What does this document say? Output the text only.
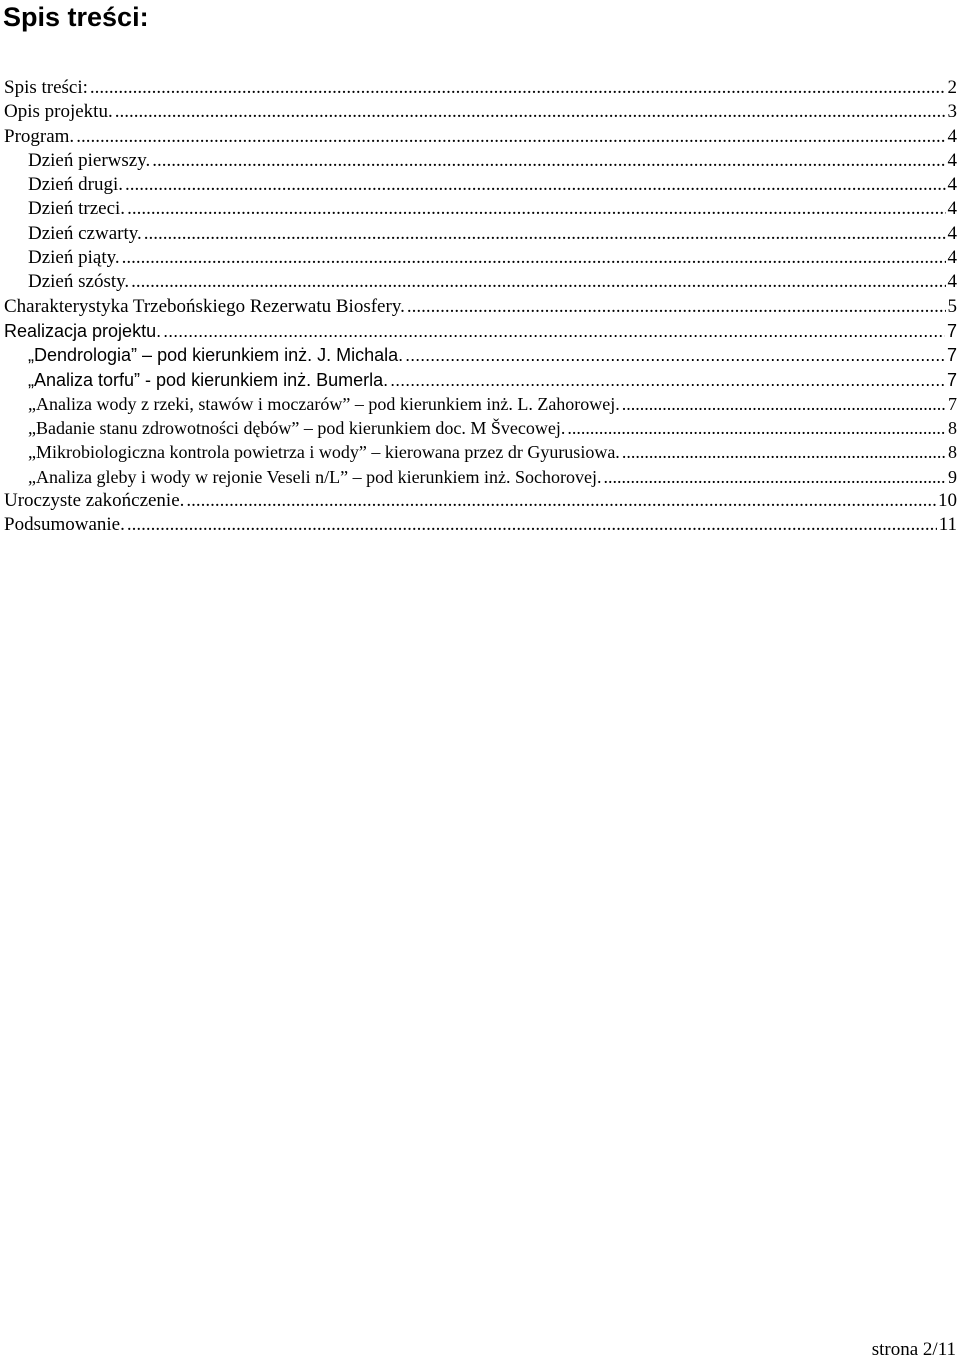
Spis treści:
Spis treści: .....	2
Opis projektu. .....	3
Program. .....	4
Dzień pierwszy. .....	4
Dzień drugi. .....	4
Dzień trzeci. .....	4
Dzień czwarty. .....	4
Dzień piąty. .....	4
Dzień szósty. .....	4
Charakterystyka Trzebońskiego Rezerwatu Biosfery. .....	5
Realizacja projektu. .....	7
„Dendrologia” – pod kierunkiem inż. J. Michala. .....	7
„Analiza torfu” - pod kierunkiem inż. Bumerla. .....	7
„Analiza wody z rzeki, stawów i moczarów” – pod kierunkiem inż. L. Zahorowej. .....	7
„Badanie stanu zdrowotności dębów” – pod kierunkiem doc. M Švecowej. .....	8
„Mikrobiologiczna kontrola powietrza i wody” – kierowana przez dr Gyurusiowa. .....	8
„Analiza gleby i wody w rejonie Veseli n/L” – pod kierunkiem inż. Sochorovej. .....	9
Uroczyste zakończenie. .....	10
Podsumowanie. .....	11
strona 2/11
